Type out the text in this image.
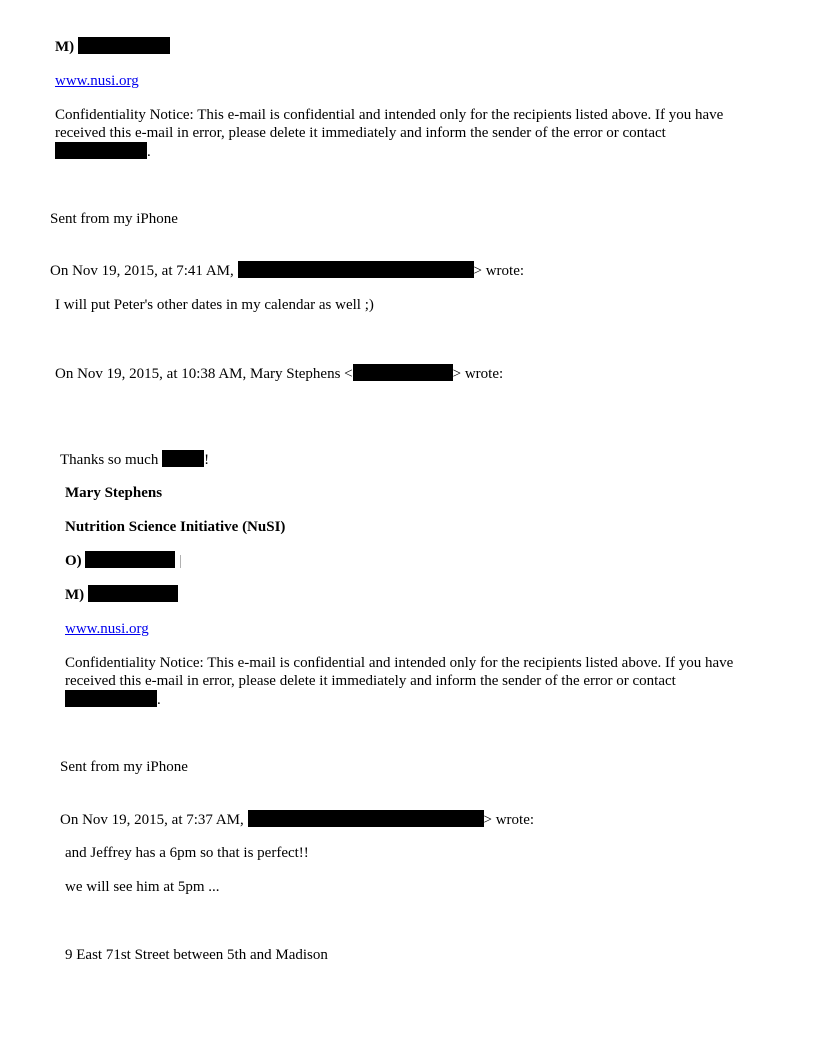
M)
www.nusi.org
Confidentiality Notice: This e-mail is confidential and intended only for the recipients listed above. If you have received this e-mail in error, please delete it immediately and inform the sender of the error or contact .
Sent from my iPhone
On Nov 19, 2015, at 7:41 AM,	> wrote:
I will put Peter's other dates in my calendar as well ;)
On Nov 19, 2015, at 10:38 AM, Mary Stephens <	> wrote:
Thanks so much	!
Mary Stephens
Nutrition Science Initiative (NuSI)
O)	|
M)
www.nusi.org
Confidentiality Notice: This e-mail is confidential and intended only for the recipients listed above. If you have received this e-mail in error, please delete it immediately and inform the sender of the error or contact .
Sent from my iPhone
On Nov 19, 2015, at 7:37 AM,	> wrote:
and Jeffrey has a 6pm so that is perfect!!
we will see him at 5pm ...
9 East 71st Street between 5th and Madison
